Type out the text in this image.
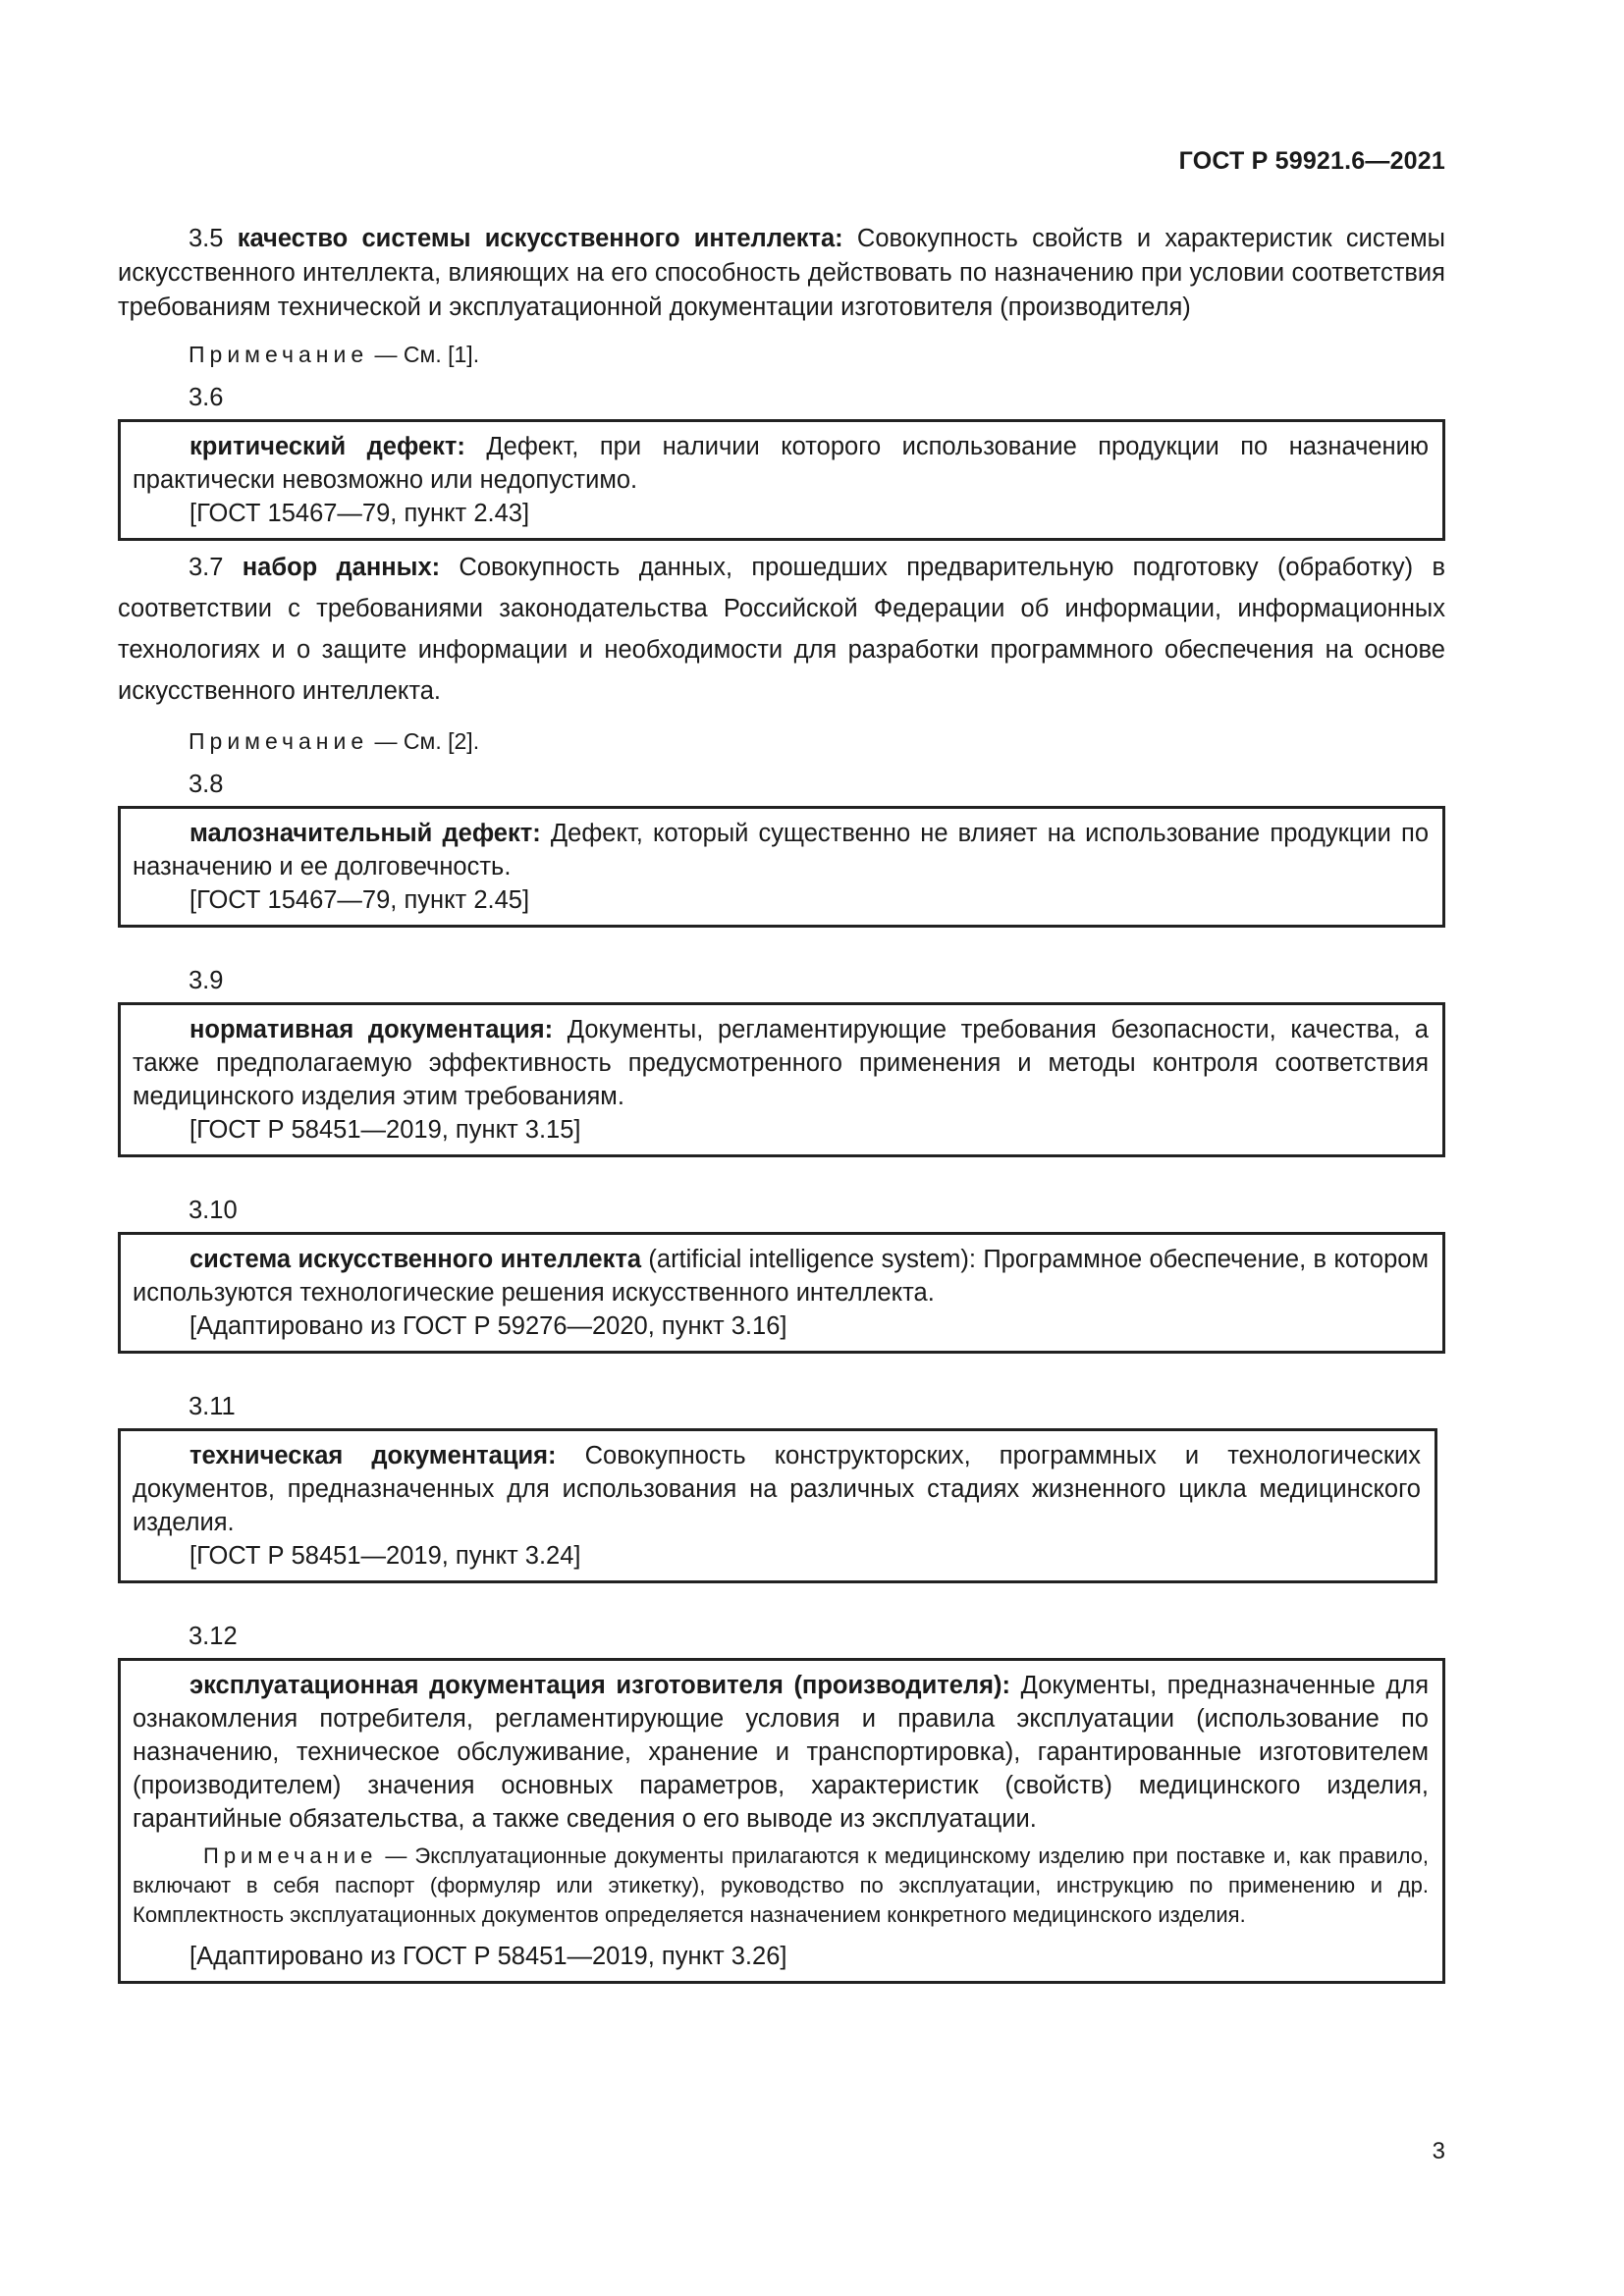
ГОСТ Р 59921.6—2021

3.5 качество системы искусственного интеллекта: Совокупность свойств и характеристик системы искусственного интеллекта, влияющих на его способность действовать по назначению при условии соответствия требованиям технической и эксплуатационной документации изготовителя (производителя)

Примечание — См. [1].
3.6

критический дефект: Дефект, при наличии которого использование продукции по назначению практически невозможно или недопустимо.

[ГОСТ 15467—79, пункт 2.43]

3.7 набор данных: Совокупность данных, прошедших предварительную подготовку (обработку) в соответствии с требованиями законодательства Российской Федерации об информации, информационных технологиях и о защите информации и необходимости для разработки программного обеспечения на основе искусственного интеллекта.

Примечание — См. [2].
3.8

малозначительный дефект: Дефект, который существенно не влияет на использование продукции по назначению и ее долговечность.

[ГОСТ 15467—79, пункт 2.45]

3.9

нормативная документация: Документы, регламентирующие требования безопасности, качества, а также предполагаемую эффективность предусмотренного применения и методы контроля соответствия медицинского изделия этим требованиям.

[ГОСТ Р 58451—2019, пункт 3.15]

3.10

система искусственного интеллекта (artificial intelligence system): Программное обеспечение, в котором используются технологические решения искусственного интеллекта.

[Адаптировано из ГОСТ Р 59276—2020, пункт 3.16]

3.11

техническая документация: Совокупность конструкторских, программных и технологических документов, предназначенных для использования на различных стадиях жизненного цикла медицинского изделия.

[ГОСТ Р 58451—2019, пункт 3.24]

3.12

эксплуатационная документация изготовителя (производителя): Документы, предназначенные для ознакомления потребителя, регламентирующие условия и правила эксплуатации (использование по назначению, техническое обслуживание, хранение и транспортировка), гарантированные изготовителем (производителем) значения основных параметров, характеристик (свойств) медицинского изделия, гарантийные обязательства, а также сведения о его выводе из эксплуатации.

Примечание — Эксплуатационные документы прилагаются к медицинскому изделию при поставке и, как правило, включают в себя паспорт (формуляр или этикетку), руководство по эксплуатации, инструкцию по применению и др. Комплектность эксплуатационных документов определяется назначением конкретного медицинского изделия.

[Адаптировано из ГОСТ Р 58451—2019, пункт 3.26]

3
